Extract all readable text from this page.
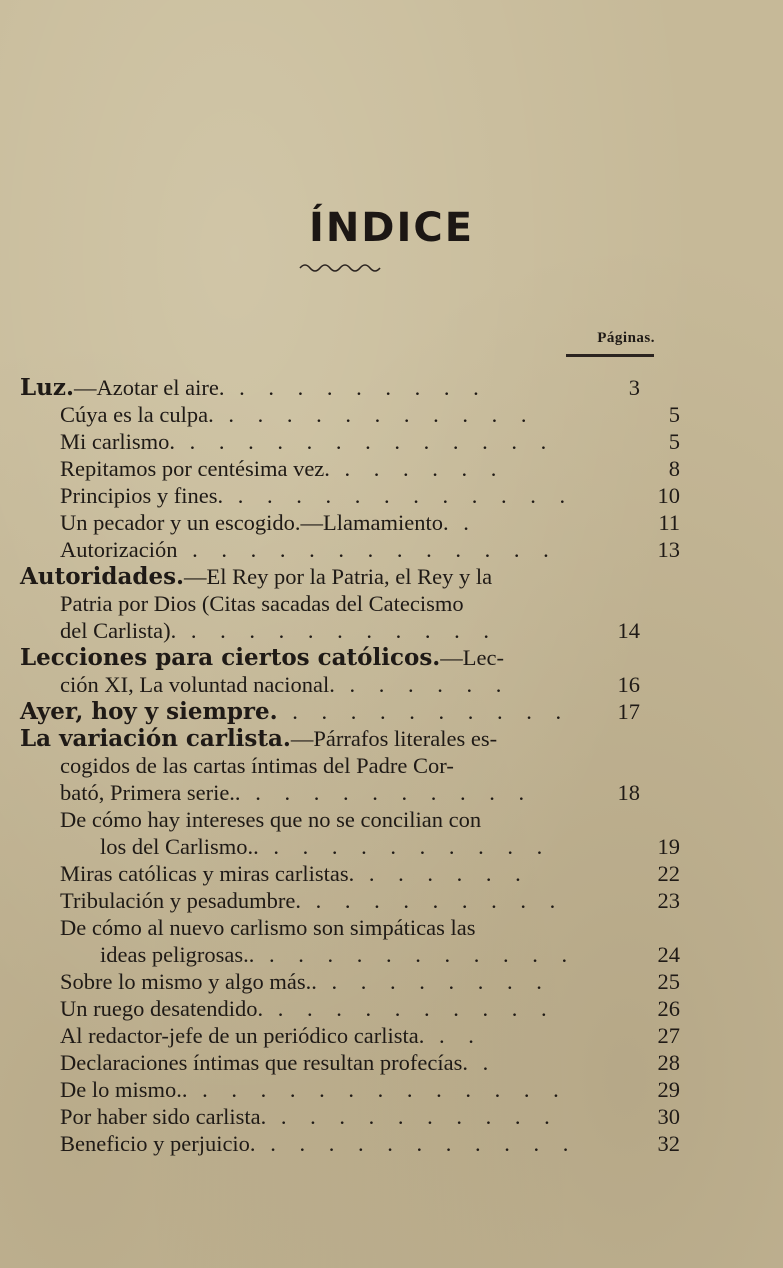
ÍNDICE
Páginas.
Luz.—Azotar el aire. . . . . . . . . .	3
Cúya es la culpa. . . . . . . . . . . .	5
Mi carlismo. . . . . . . . . . . . . .	5
Repitamos por centésima vez. . . . . . .	8
Principios y fines. . . . . . . . . . . . .	10
Un pecador y un escogido.—Llamamiento. .	11
Autorización . . . . . . . . . . . . .	13
Autoridades.—El Rey por la Patria, el Rey y la
Patria por Dios (Citas sacadas del Catecismo
del Carlista). . . . . . . . . . . .	14
Lecciones para ciertos católicos.—Lec-
ción XI, La voluntad nacional. . . . . . .	16
Ayer, hoy y siempre. . . . . . . . . . .	17
La variación carlista.—Párrafos literales es-
cogidos de las cartas íntimas del Padre Cor-
bató, Primera serie.. . . . . . . . . . .	18
De cómo hay intereses que no se concilian con
los del Carlismo.. . . . . . . . . . .	19
Miras católicas y miras carlistas. . . . . . .	22
Tribulación y pesadumbre. . . . . . . . . .	23
De cómo al nuevo carlismo son simpáticas las
ideas peligrosas.. . . . . . . . . . . .	24
Sobre lo mismo y algo más.. . . . . . . . .	25
Un ruego desatendido. . . . . . . . . . .	26
Al redactor-jefe de un periódico carlista. . .	27
Declaraciones íntimas que resultan profecías. .	28
De lo mismo.. . . . . . . . . . . . . .	29
Por haber sido carlista. . . . . . . . . . .	30
Beneficio y perjuicio. . . . . . . . . . . .	32
